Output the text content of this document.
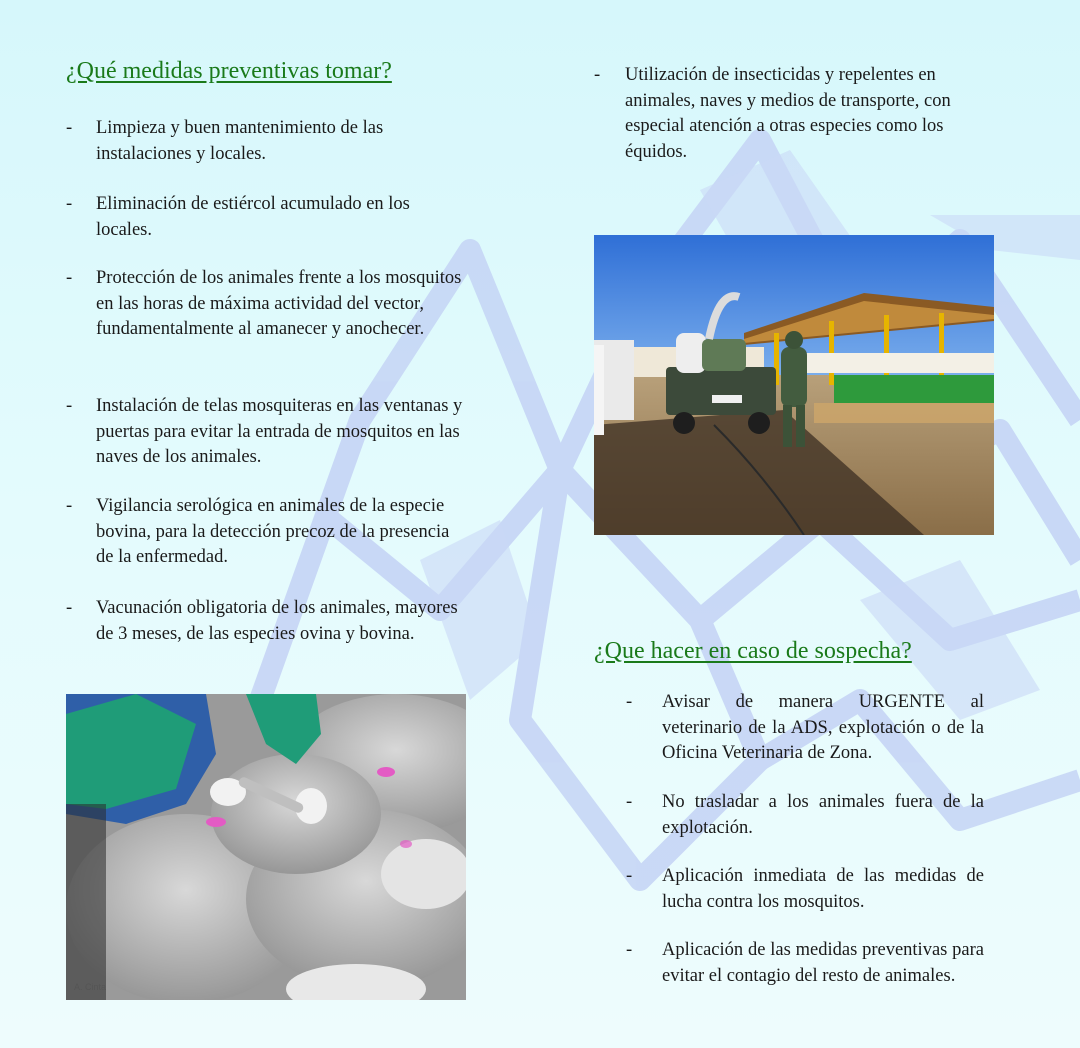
¿Qué medidas preventivas tomar?
- Limpieza y buen mantenimiento de las instalaciones y locales.
- Eliminación de estiércol acumulado en los locales.
- Protección de los animales frente a los mosquitos en las horas de máxima actividad del vector, fundamentalmente al amanecer y anochecer.
- Instalación de telas mosquiteras en las ventanas y puertas para evitar la entrada de mosquitos en las naves de los animales.
- Vigilancia serológica en animales de la especie bovina, para la detección precoz de la presencia de la enfermedad.
- Vacunación obligatoria de los animales, mayores de 3 meses, de las especies ovina y bovina.
A. Cinta
- Utilización de insecticidas y repelentes en animales, naves y medios de transporte, con especial atención a otras especies como los équidos.
¿Que hacer en caso de sospecha?
- Avisar de manera URGENTE al veterinario de la ADS, explotación o de la Oficina Veterinaria de Zona.
- No trasladar a los animales fuera de la explotación.
- Aplicación inmediata de las medidas de lucha contra los mosquitos.
- Aplicación de las medidas preventivas para evitar el contagio del resto de animales.
